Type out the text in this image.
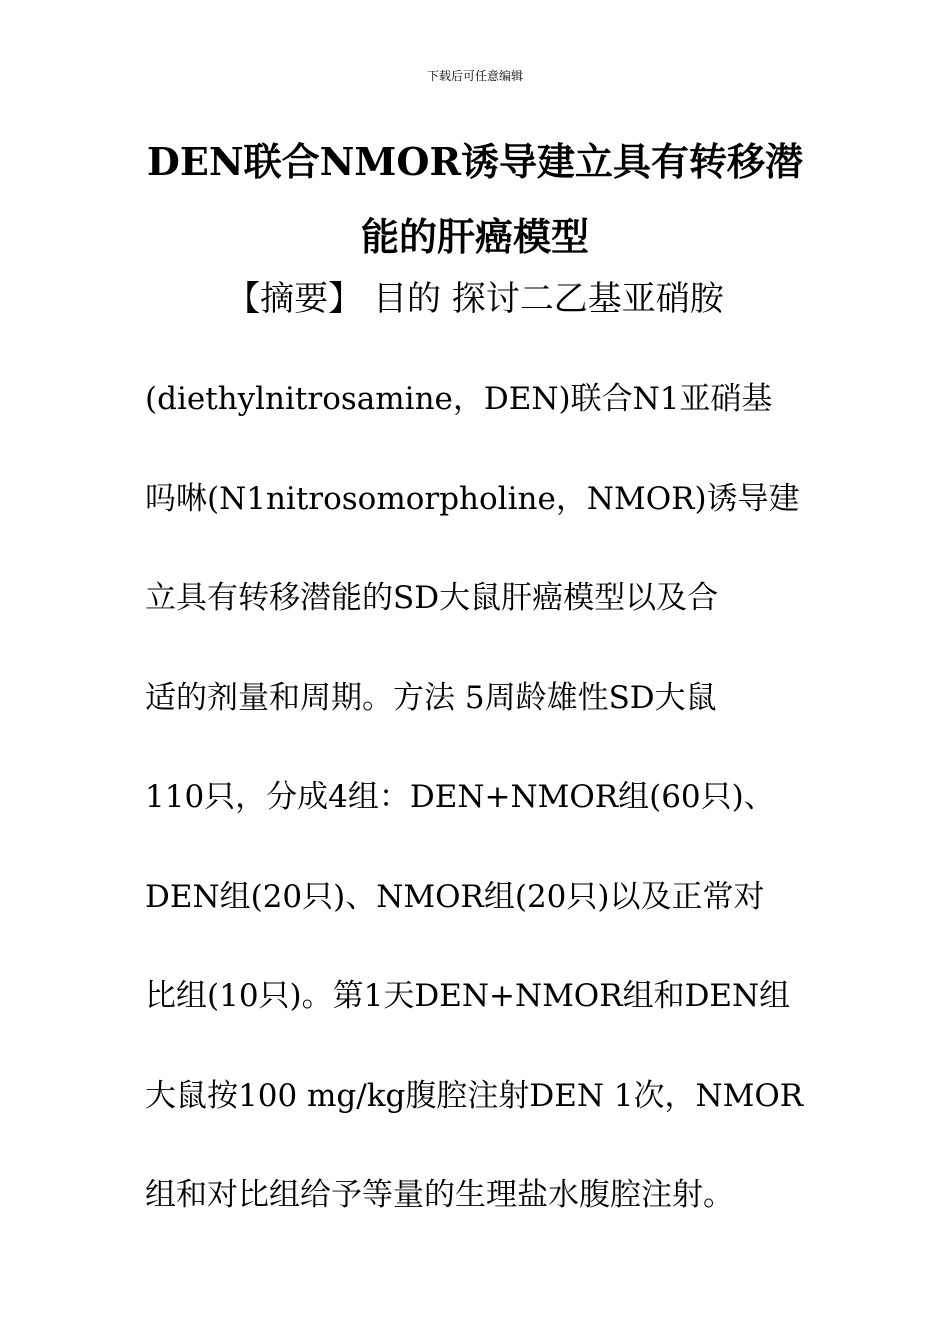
下载后可任意编辑
DEN联合NMOR诱导建立具有转移潜
能的肝癌模型
【摘要】 目的 探讨二乙基亚硝胺
(diethylnitrosamine，DEN)联合N1亚硝基
吗啉(N1nitrosomorpholine，NMOR)诱导建
立具有转移潜能的SD大鼠肝癌模型以及合
适的剂量和周期。方法 5周龄雄性SD大鼠
110只，分成4组：DEN+NMOR组(60只)、
DEN组(20只)、NMOR组(20只)以及正常对
比组(10只)。第1天DEN+NMOR组和DEN组
大鼠按100 mg/kg腹腔注射DEN 1次，NMOR
组和对比组给予等量的生理盐水腹腔注射。
